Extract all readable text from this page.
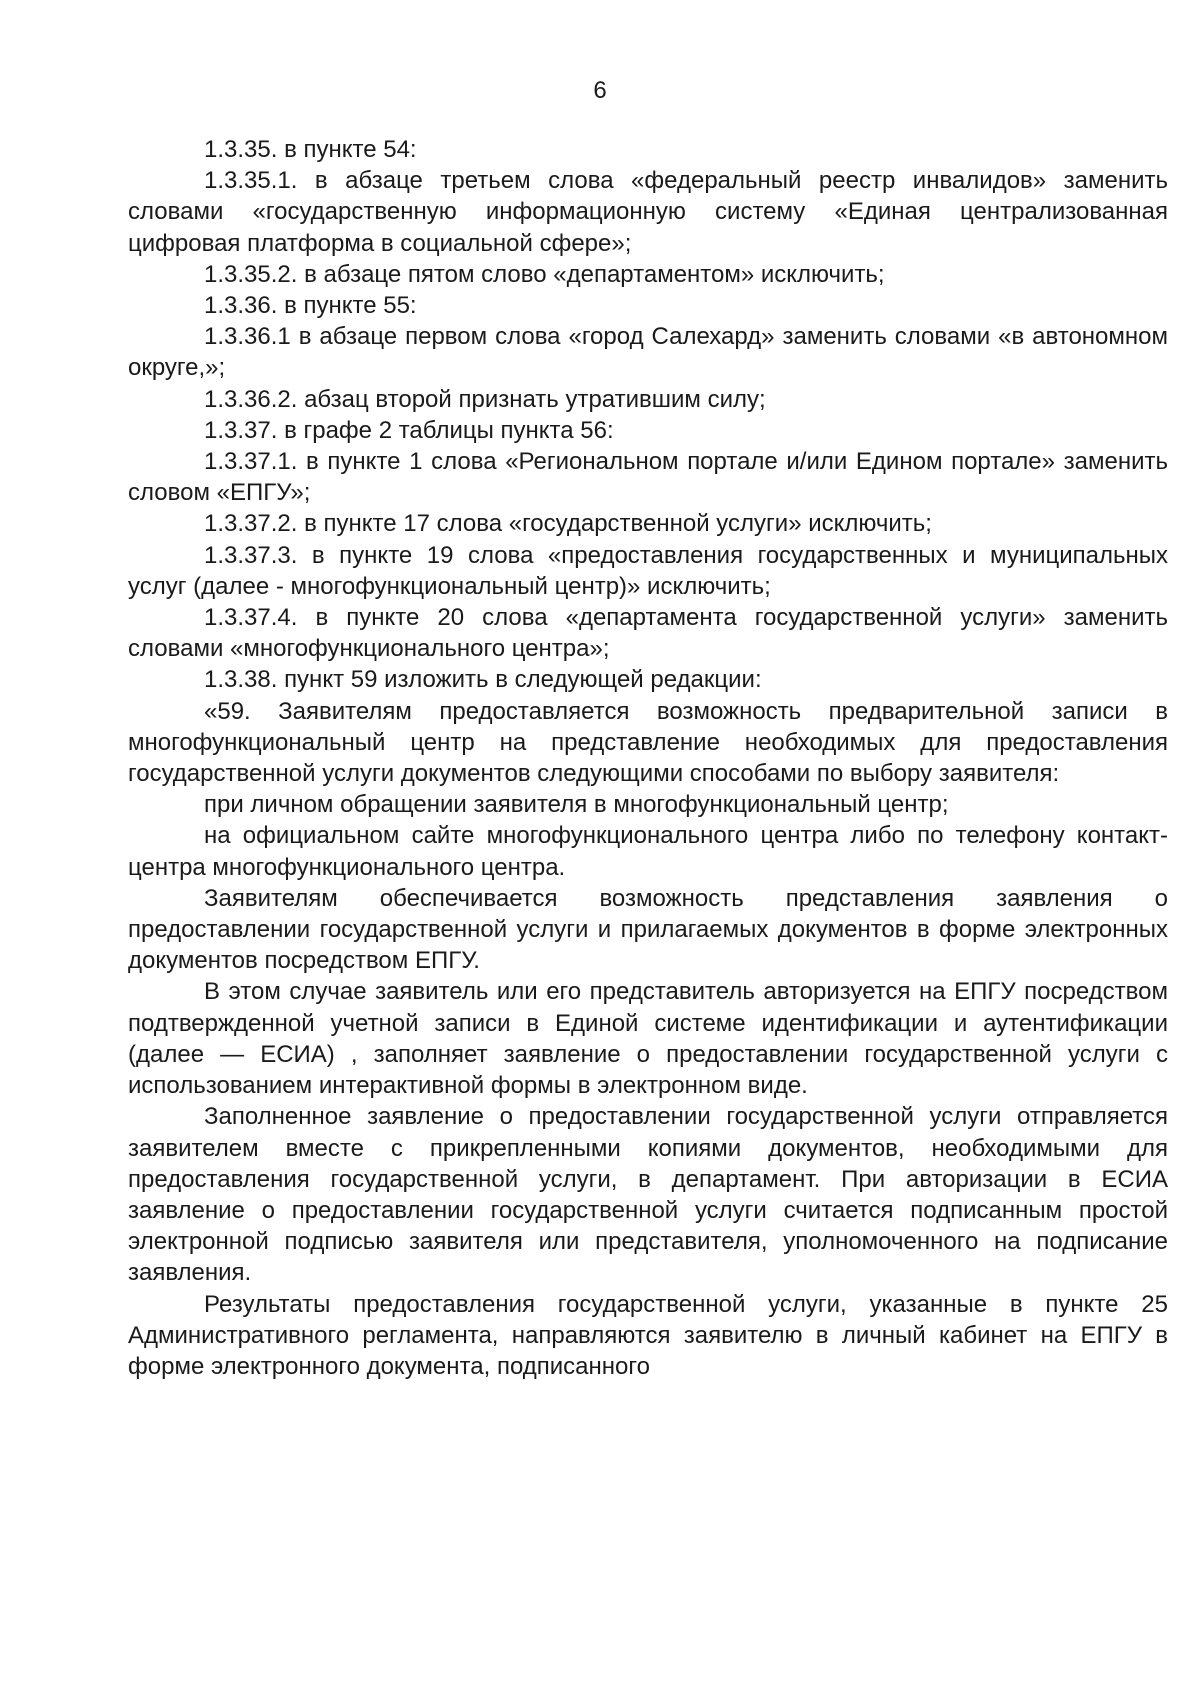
6

1.3.35. в пункте 54:

1.3.35.1. в абзаце третьем слова «федеральный реестр инвалидов» заменить словами «государственную информационную систему «Единая централизованная цифровая платформа в социальной сфере»;

1.3.35.2. в абзаце пятом слово «департаментом» исключить;

1.3.36. в пункте 55:

1.3.36.1 в абзаце первом слова «город Салехард» заменить словами «в автономном округе,»;

1.3.36.2. абзац второй признать утратившим силу;

1.3.37. в графе 2 таблицы пункта 56:

1.3.37.1. в пункте 1 слова «Региональном портале и/или Едином портале» заменить словом «ЕПГУ»;

1.3.37.2. в пункте 17 слова «государственной услуги» исключить;

1.3.37.3. в пункте 19 слова «предоставления государственных и муниципальных услуг (далее - многофункциональный центр)» исключить;

1.3.37.4. в пункте 20 слова «департамента государственной услуги» заменить словами «многофункционального центра»;

1.3.38. пункт 59 изложить в следующей редакции:

«59. Заявителям предоставляется возможность предварительной записи в многофункциональный центр на представление необходимых для предоставления государственной услуги документов следующими способами по выбору заявителя:

при личном обращении заявителя в многофункциональный центр;

на официальном сайте многофункционального центра либо по телефону контакт-центра многофункционального центра.

Заявителям обеспечивается возможность представления заявления о предоставлении государственной услуги и прилагаемых документов в форме электронных документов посредством ЕПГУ.

В этом случае заявитель или его представитель авторизуется на ЕПГУ посредством подтвержденной учетной записи в Единой системе идентификации и аутентификации (далее — ЕСИА) , заполняет заявление о предоставлении государственной услуги с использованием интерактивной формы в электронном виде.

Заполненное заявление о предоставлении государственной услуги отправляется заявителем вместе с прикрепленными копиями документов, необходимыми для предоставления государственной услуги, в департамент. При авторизации в ЕСИА заявление о предоставлении государственной услуги считается подписанным простой электронной подписью заявителя или представителя, уполномоченного на подписание заявления.

Результаты предоставления государственной услуги, указанные в пункте 25 Административного регламента, направляются заявителю в личный кабинет на ЕПГУ в форме электронного документа, подписанного
